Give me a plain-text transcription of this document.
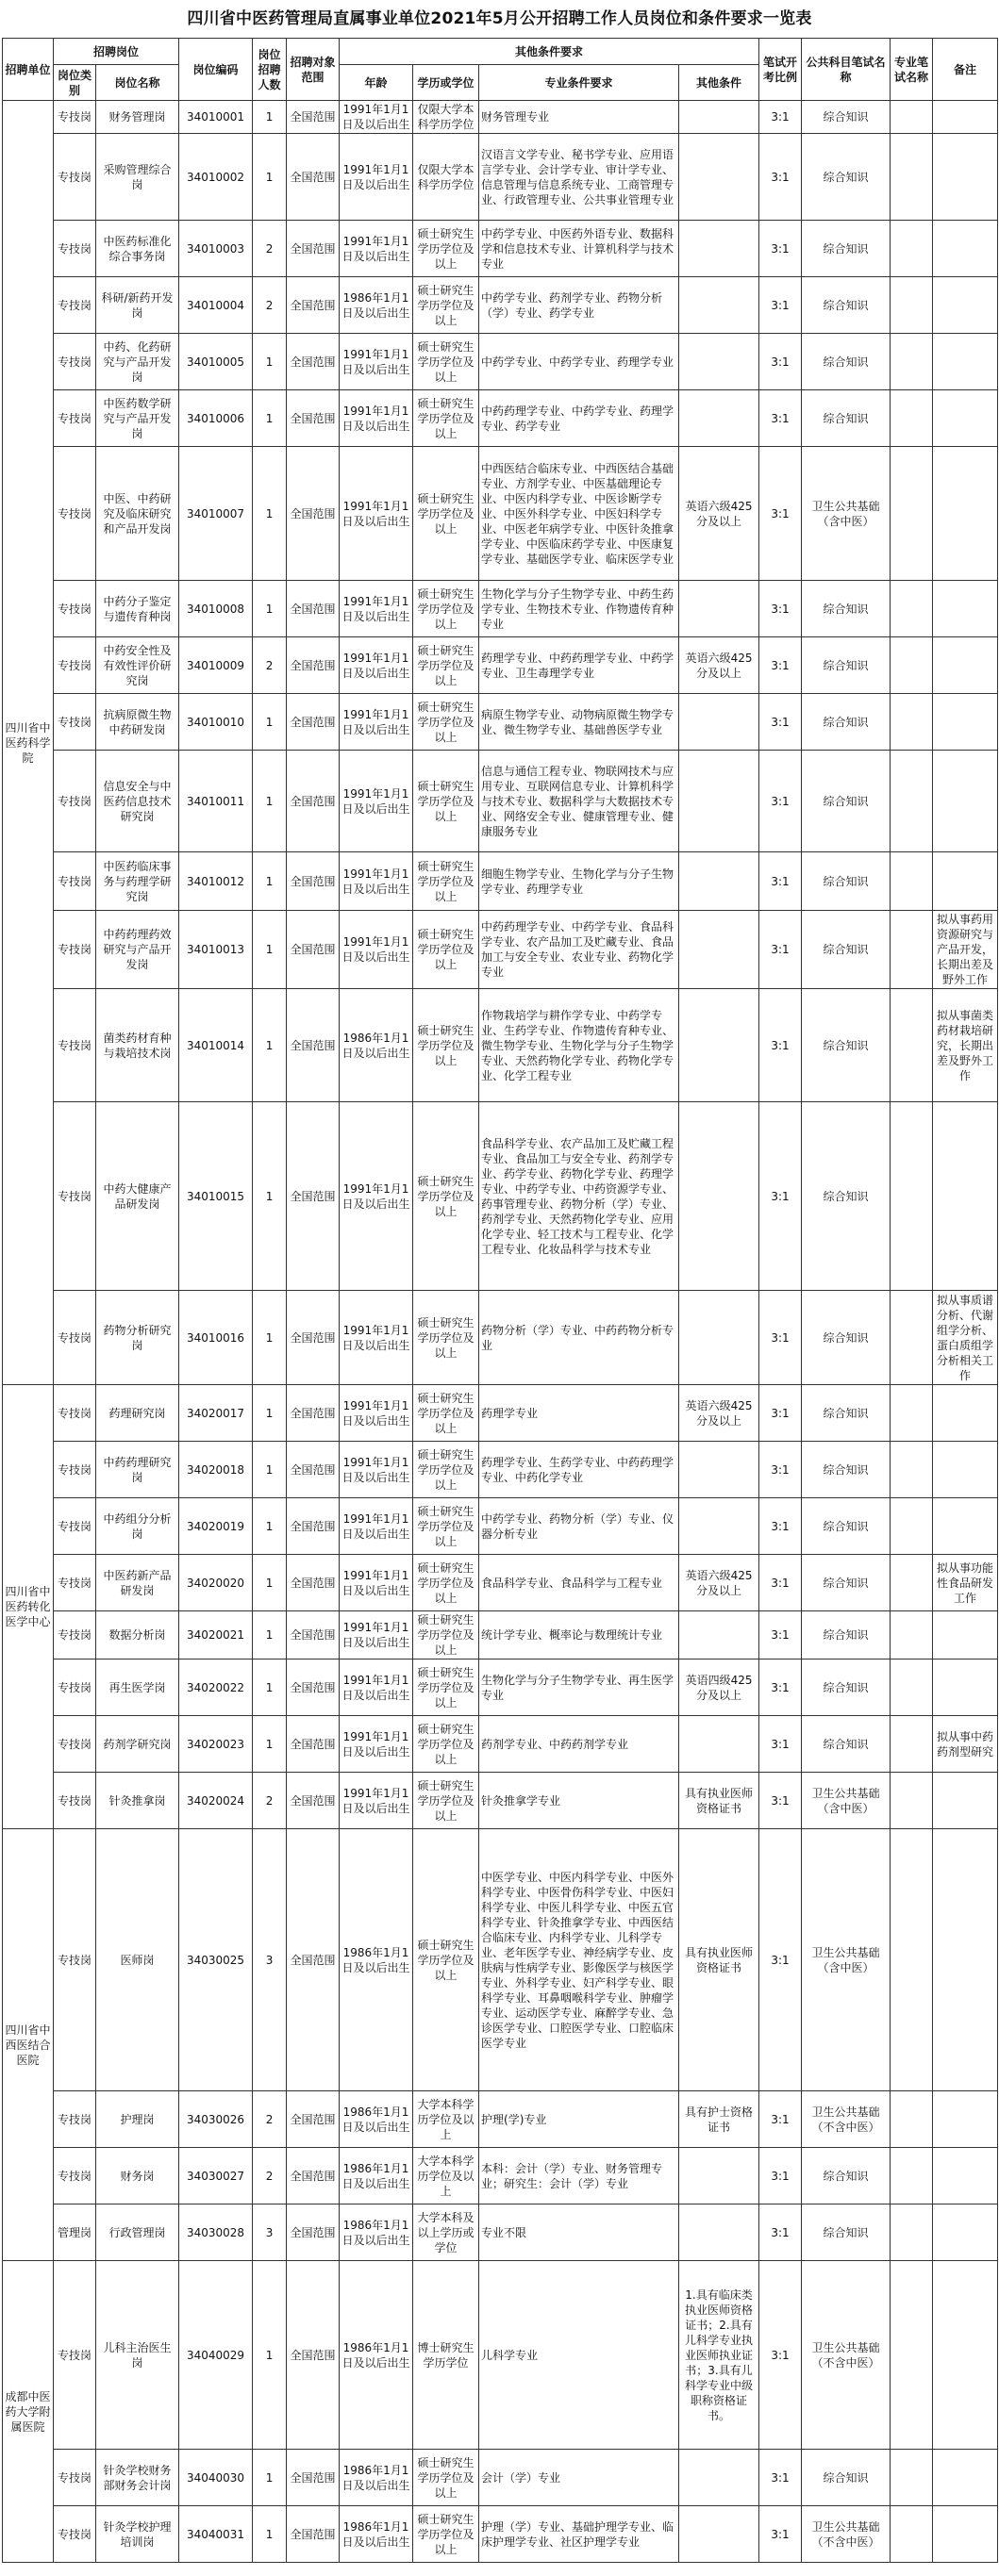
四川省中医药管理局直属事业单位2021年5月公开招聘工作人员岗位和条件要求一览表
招聘单位	招聘岗位		岗位编码	岗位招聘人数	招聘对象范围	其他条件要求				笔试开考比例	公共科目笔试名称	专业笔试名称	备注
	岗位类别	岗位名称				年龄	学历或学位	专业条件要求	其他条件				

四川省中医药科学院	专技岗	财务管理岗	34010001	1	全国范围	1991年1月1日及以后出生	仅限大学本科学历学位	财务管理专业		3:1	综合知识		
	专技岗	采购管理综合岗	34010002	1	全国范围	1991年1月1日及以后出生	仅限大学本科学历学位	汉语言文学专业、秘书学专业、应用语言学专业、会计学专业、审计学专业、信息管理与信息系统专业、工商管理专业、行政管理专业、公共事业管理专业		3:1	综合知识		
	专技岗	中医药标准化综合事务岗	34010003	2	全国范围	1991年1月1日及以后出生	硕士研究生学历学位及以上	中药学专业、中医药外语专业、数据科学和信息技术专业、计算机科学与技术专业		3:1	综合知识		
	专技岗	科研/新药开发岗	34010004	2	全国范围	1986年1月1日及以后出生	硕士研究生学历学位及以上	中药学专业、药剂学专业、药物分析（学）专业、药学专业		3:1	综合知识		
	专技岗	中药、化药研究与产品开发岗	34010005	1	全国范围	1991年1月1日及以后出生	硕士研究生学历学位及以上	中药学专业、中药学专业、药理学专业		3:1	综合知识		
	专技岗	中医药数学研究与产品开发岗	34010006	1	全国范围	1991年1月1日及以后出生	硕士研究生学历学位及以上	中药药理学专业、中药学专业、药理学专业、药学专业		3:1	综合知识		
	专技岗	中医、中药研究及临床研究和产品开发岗	34010007	1	全国范围	1991年1月1日及以后出生	硕士研究生学历学位及以上	中西医结合临床专业、中西医结合基础专业、方剂学专业、中医基础理论专业、中医内科学专业、中医诊断学专业、中医外科学专业、中医妇科学专业、中医老年病学专业、中医针灸推拿学专业、中医临床药学专业、中医康复学专业、基础医学专业、临床医学专业	英语六级425分及以上	3:1	卫生公共基础（含中医）		
	专技岗	中药分子鉴定与遗传育种岗	34010008	1	全国范围	1991年1月1日及以后出生	硕士研究生学历学位及以上	生物化学与分子生物学专业、中药生药学专业、生物技术专业、作物遗传育种专业		3:1	综合知识		
	专技岗	中药安全性及有效性评价研究岗	34010009	2	全国范围	1991年1月1日及以后出生	硕士研究生学历学位及以上	药理学专业、中药药理学专业、中药学专业、卫生毒理学专业	英语六级425分及以上	3:1	综合知识		
	专技岗	抗病原微生物中药研发岗	34010010	1	全国范围	1991年1月1日及以后出生	硕士研究生学历学位及以上	病原生物学专业、动物病原微生物学专业、微生物学专业、基础兽医学专业		3:1	综合知识		
	专技岗	信息安全与中医药信息技术研究岗	34010011	1	全国范围	1991年1月1日及以后出生	硕士研究生学历学位及以上	信息与通信工程专业、物联网技术与应用专业、互联网信息专业、计算机科学与技术专业、数据科学与大数据技术专业、网络安全专业、健康管理专业、健康服务专业		3:1	综合知识		
	专技岗	中医药临床事务与药理学研究岗	34010012	1	全国范围	1991年1月1日及以后出生	硕士研究生学历学位及以上	细胞生物学专业、生物化学与分子生物学专业、药理学专业		3:1	综合知识		
	专技岗	中药药理药效研究与产品开发岗	34010013	1	全国范围	1991年1月1日及以后出生	硕士研究生学历学位及以上	中药药理学专业、中药学专业、食品科学专业、农产品加工及贮藏专业、食品加工与安全专业、农业专业、药物化学专业		3:1	综合知识		拟从事药用资源研究与产品开发，长期出差及野外工作
	专技岗	菌类药材育种与栽培技术岗	34010014	1	全国范围	1986年1月1日及以后出生	硕士研究生学历学位及以上	作物栽培学与耕作学专业、中药学专业、生药学专业、作物遗传育种专业、微生物学专业、生物化学与分子生物学专业、天然药物化学专业、药物化学专业、化学工程专业		3:1	综合知识		拟从事菌类药材栽培研究，长期出差及野外工作
	专技岗	中药大健康产品研发岗	34010015	1	全国范围	1991年1月1日及以后出生	硕士研究生学历学位及以上	食品科学专业、农产品加工及贮藏工程专业、食品加工与安全专业、药剂学专业、药学专业、药物化学专业、药理学专业、中药学专业、中药资源学专业、药事管理专业、药物分析（学）专业、药剂学专业、天然药物化学专业、应用化学专业、轻工技术与工程专业、化学工程专业、化妆品科学与技术专业		3:1	综合知识		
	专技岗	药物分析研究岗	34010016	1	全国范围	1991年1月1日及以后出生	硕士研究生学历学位及以上	药物分析（学）专业、中药药物分析专业		3:1	综合知识		拟从事质谱分析、代谢组学分析、蛋白质组学分析相关工作
四川省中医药转化医学中心	专技岗	药理研究岗	34020017	1	全国范围	1991年1月1日及以后出生	硕士研究生学历学位及以上	药理学专业	英语六级425分及以上	3:1	综合知识		
	专技岗	中药药理研究岗	34020018	1	全国范围	1991年1月1日及以后出生	硕士研究生学历学位及以上	药理学专业、生药学专业、中药药理学专业、中药化学专业		3:1	综合知识		
	专技岗	中药组分分析岗	34020019	1	全国范围	1991年1月1日及以后出生	硕士研究生学历学位及以上	中药学专业、药物分析（学）专业、仪器分析专业		3:1	综合知识		
	专技岗	中医药新产品研发岗	34020020	1	全国范围	1991年1月1日及以后出生	硕士研究生学历学位及以上	食品科学专业、食品科学与工程专业	英语六级425分及以上	3:1	综合知识		拟从事功能性食品研发工作
	专技岗	数据分析岗	34020021	1	全国范围	1991年1月1日及以后出生	硕士研究生学历学位及以上	统计学专业、概率论与数理统计专业		3:1	综合知识		
	专技岗	再生医学岗	34020022	1	全国范围	1991年1月1日及以后出生	硕士研究生学历学位及以上	生物化学与分子生物学专业、再生医学专业	英语四级425分及以上	3:1	综合知识		
	专技岗	药剂学研究岗	34020023	1	全国范围	1991年1月1日及以后出生	硕士研究生学历学位及以上	药剂学专业、中药药剂学专业		3:1	综合知识		拟从事中药药剂型研究
	专技岗	针灸推拿岗	34020024	2	全国范围	1991年1月1日及以后出生	硕士研究生学历学位及以上	针灸推拿学专业	具有执业医师资格证书	3:1	卫生公共基础（含中医）		
四川省中西医结合医院	专技岗	医师岗	34030025	3	全国范围	1986年1月1日及以后出生	硕士研究生学历学位及以上	中医学专业、中医内科学专业、中医外科学专业、中医骨伤科学专业、中医妇科学专业、中医儿科学专业、中医五官科学专业、针灸推拿学专业、中西医结合临床专业、内科学专业、儿科学专业、老年医学专业、神经病学专业、皮肤病与性病学专业、影像医学与核医学专业、外科学专业、妇产科学专业、眼科学专业、耳鼻咽喉科学专业、肿瘤学专业、运动医学专业、麻醉学专业、急诊医学专业、口腔医学专业、口腔临床医学专业	具有执业医师资格证书	3:1	卫生公共基础（含中医）		
	专技岗	护理岗	34030026	2	全国范围	1986年1月1日及以后出生	大学本科学历学位及以上	护理(学)专业	具有护士资格证书	3:1	卫生公共基础（不含中医）		
	专技岗	财务岗	34030027	2	全国范围	1986年1月1日及以后出生	大学本科学历学位及以上	本科：会计（学）专业、财务管理专业；研究生：会计（学）专业		3:1	综合知识		
	管理岗	行政管理岗	34030028	3	全国范围	1986年1月1日及以后出生	大学本科及以上学历或学位	专业不限		3:1	综合知识		
成都中医药大学附属医院	专技岗	儿科主治医生岗	34040029	1	全国范围	1986年1月1日及以后出生	博士研究生学历学位	儿科学专业	1.具有临床类执业医师资格证书；2.具有儿科学专业执业医师执业证书；3.具有儿科学专业中级职称资格证书。	3:1	卫生公共基础（不含中医）		
	专技岗	针灸学校财务部财务会计岗	34040030	1	全国范围	1986年1月1日及以后出生	硕士研究生学历学位及以上	会计（学）专业		3:1	综合知识		
	专技岗	针灸学校护理培训岗	34040031	1	全国范围	1986年1月1日及以后出生	硕士研究生学历学位及以上	护理（学）专业、基础护理学专业、临床护理学专业、社区护理学专业		3:1	卫生公共基础（不含中医）		
